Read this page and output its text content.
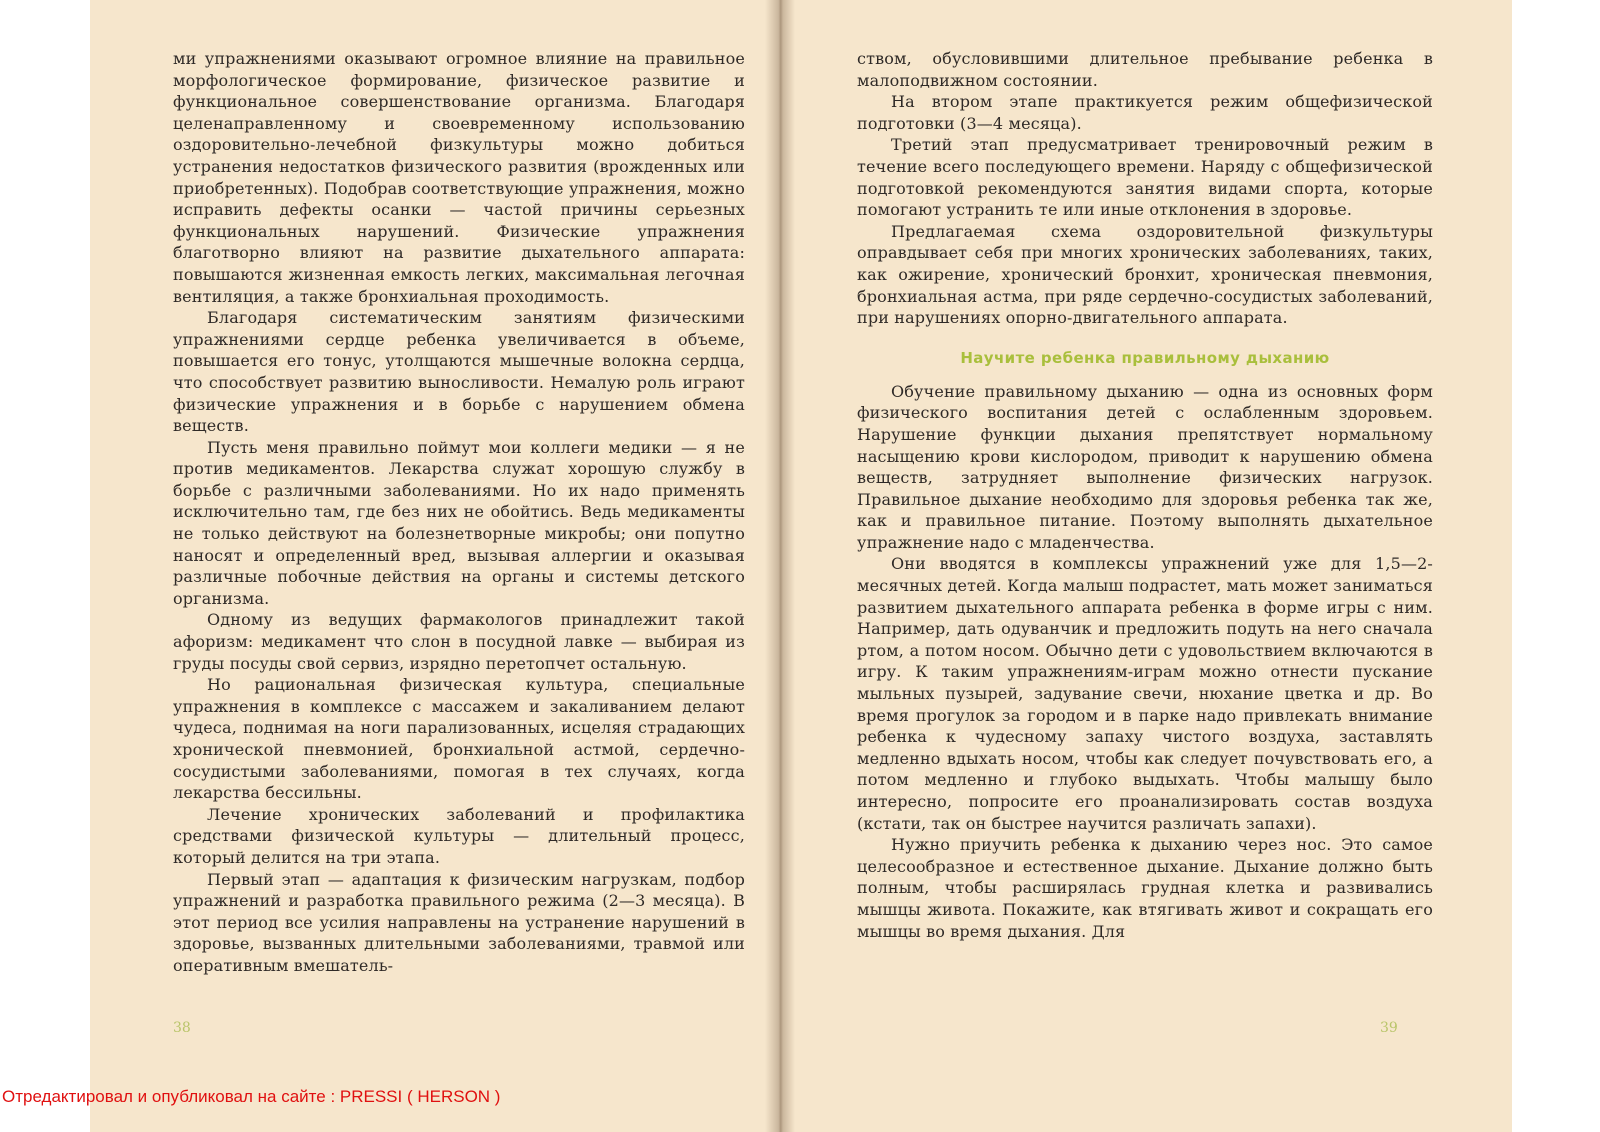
ми упражнениями оказывают огромное влияние на правильное морфологическое формирование, физическое развитие и функциональное совершенствование организма. Благодаря целенаправленному и своевременному использованию оздоровительно-лечебной физкультуры можно добиться устранения недостатков физического развития (врожденных или приобретенных). Подобрав соответствующие упражнения, можно исправить дефекты осанки — частой причины серьезных функциональных нарушений. Физические упражнения благотворно влияют на развитие дыхательного аппарата: повышаются жизненная емкость легких, максимальная легочная вентиляция, а также бронхиальная проходимость.

Благодаря систематическим занятиям физическими упражнениями сердце ребенка увеличивается в объеме, повышается его тонус, утолщаются мышечные волокна сердца, что способствует развитию выносливости. Немалую роль играют физические упражнения и в борьбе с нарушением обмена веществ.

Пусть меня правильно поймут мои коллеги медики — я не против медикаментов. Лекарства служат хорошую службу в борьбе с различными заболеваниями. Но их надо применять исключительно там, где без них не обойтись. Ведь медикаменты не только действуют на болезнетворные микробы; они попутно наносят и определенный вред, вызывая аллергии и оказывая различные побочные действия на органы и системы детского организма.

Одному из ведущих фармакологов принадлежит такой афоризм: медикамент что слон в посудной лавке — выбирая из груды посуды свой сервиз, изрядно перетопчет остальную.

Но рациональная физическая культура, специальные упражнения в комплексе с массажем и закаливанием делают чудеса, поднимая на ноги парализованных, исцеляя страдающих хронической пневмонией, бронхиальной астмой, сердечно-сосудистыми заболеваниями, помогая в тех случаях, когда лекарства бессильны.

Лечение хронических заболеваний и профилактика средствами физической культуры — длительный процесс, который делится на три этапа.

Первый этап — адаптация к физическим нагрузкам, подбор упражнений и разработка правильного режима (2—3 месяца). В этот период все усилия направлены на устранение нарушений в здоровье, вызванных длительными заболеваниями, травмой или оперативным вмешатель-

38

ством, обусловившими длительное пребывание ребенка в малоподвижном состоянии.

На втором этапе практикуется режим общефизической подготовки (3—4 месяца).

Третий этап предусматривает тренировочный режим в течение всего последующего времени. Наряду с общефизической подготовкой рекомендуются занятия видами спорта, которые помогают устранить те или иные отклонения в здоровье.

Предлагаемая схема оздоровительной физкультуры оправдывает себя при многих хронических заболеваниях, таких, как ожирение, хронический бронхит, хроническая пневмония, бронхиальная астма, при ряде сердечно-сосудистых заболеваний, при нарушениях опорно-двигательного аппарата.

Научите ребенка правильному дыханию

Обучение правильному дыханию — одна из основных форм физического воспитания детей с ослабленным здоровьем. Нарушение функции дыхания препятствует нормальному насыщению крови кислородом, приводит к нарушению обмена веществ, затрудняет выполнение физических нагрузок. Правильное дыхание необходимо для здоровья ребенка так же, как и правильное питание. Поэтому выполнять дыхательное упражнение надо с младенчества.

Они вводятся в комплексы упражнений уже для 1,5—2-месячных детей. Когда малыш подрастет, мать может заниматься развитием дыхательного аппарата ребенка в форме игры с ним. Например, дать одуванчик и предложить подуть на него сначала ртом, а потом носом. Обычно дети с удовольствием включаются в игру. К таким упражнениям-играм можно отнести пускание мыльных пузырей, задувание свечи, нюхание цветка и др. Во время прогулок за городом и в парке надо привлекать внимание ребенка к чудесному запаху чистого воздуха, заставлять медленно вдыхать носом, чтобы как следует почувствовать его, а потом медленно и глубоко выдыхать. Чтобы малышу было интересно, попросите его проанализировать состав воздуха (кстати, так он быстрее научится различать запахи).

Нужно приучить ребенка к дыханию через нос. Это самое целесообразное и естественное дыхание. Дыхание должно быть полным, чтобы расширялась грудная клетка и развивались мышцы живота. Покажите, как втягивать живот и сокращать его мышцы во время дыхания. Для

39
Отредактировал и опубликовал на сайте : PRESSI ( HERSON )
